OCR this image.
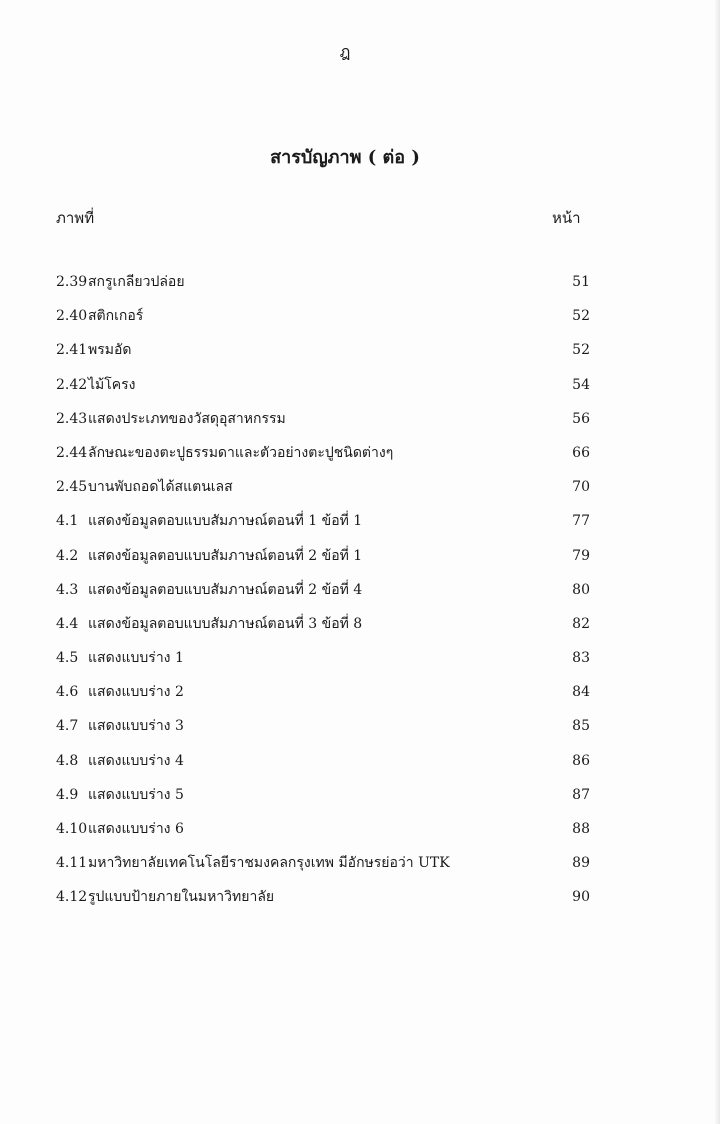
ฎ
สารบัญภาพ ( ต่อ )
ภาพที่	หน้า
2.39 สกรูเกลียวปล่อย	51
2.40 สติกเกอร์	52
2.41 พรมอัด	52
2.42 ไม้โครง	54
2.43 แสดงประเภทของวัสดุอุสาหกรรม	56
2.44 ลักษณะของตะปูธรรมดาและตัวอย่างตะปูชนิดต่างๆ	66
2.45 บานพับถอดได้สแตนเลส	70
4.1 แสดงข้อมูลตอบแบบสัมภาษณ์ตอนที่ 1 ข้อที่ 1	77
4.2 แสดงข้อมูลตอบแบบสัมภาษณ์ตอนที่ 2 ข้อที่ 1	79
4.3 แสดงข้อมูลตอบแบบสัมภาษณ์ตอนที่ 2 ข้อที่ 4	80
4.4 แสดงข้อมูลตอบแบบสัมภาษณ์ตอนที่ 3 ข้อที่ 8	82
4.5 แสดงแบบร่าง 1	83
4.6 แสดงแบบร่าง 2	84
4.7 แสดงแบบร่าง 3	85
4.8 แสดงแบบร่าง 4	86
4.9 แสดงแบบร่าง 5	87
4.10 แสดงแบบร่าง 6	88
4.11 มหาวิทยาลัยเทคโนโลยีราชมงคลกรุงเทพ มีอักษรย่อว่า UTK	89
4.12 รูปแบบป้ายภายในมหาวิทยาลัย	90
